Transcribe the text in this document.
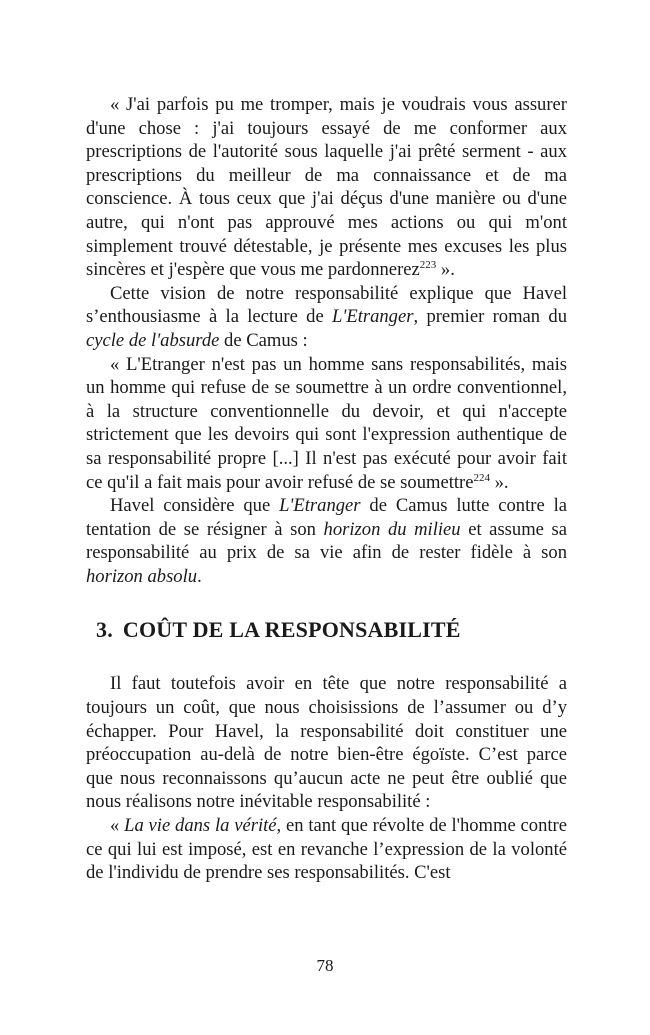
« J'ai parfois pu me tromper, mais je voudrais vous assurer d'une chose : j'ai toujours essayé de me conformer aux prescriptions de l'autorité sous laquelle j'ai prêté serment - aux prescriptions du meilleur de ma connaissance et de ma conscience. À tous ceux que j'ai déçus d'une manière ou d'une autre, qui n'ont pas approuvé mes actions ou qui m'ont simplement trouvé détestable, je présente mes excuses les plus sincères et j'espère que vous me pardonnerez$^{223}$ ».

Cette vision de notre responsabilité explique que Havel s’enthousiasme à la lecture de L'Etranger, premier roman du cycle de l'absurde de Camus :

« L'Etranger n'est pas un homme sans responsabilités, mais un homme qui refuse de se soumettre à un ordre conventionnel, à la structure conventionnelle du devoir, et qui n'accepte strictement que les devoirs qui sont l'expression authentique de sa responsabilité propre [...] Il n'est pas exécuté pour avoir fait ce qu'il a fait mais pour avoir refusé de se soumettre$^{224}$ ».

Havel considère que L'Etranger de Camus lutte contre la tentation de se résigner à son horizon du milieu et assume sa responsabilité au prix de sa vie afin de rester fidèle à son horizon absolu.

3. COÛT DE LA RESPONSABILITÉ

Il faut toutefois avoir en tête que notre responsabilité a toujours un coût, que nous choisissions de l’assumer ou d’y échapper. Pour Havel, la responsabilité doit constituer une préoccupation au-delà de notre bien-être égoïste. C’est parce que nous reconnaissons qu’aucun acte ne peut être oublié que nous réalisons notre inévitable responsabilité :

« La vie dans la vérité, en tant que révolte de l'homme contre ce qui lui est imposé, est en revanche l’expression de la volonté de l'individu de prendre ses responsabilités. C'est

78
